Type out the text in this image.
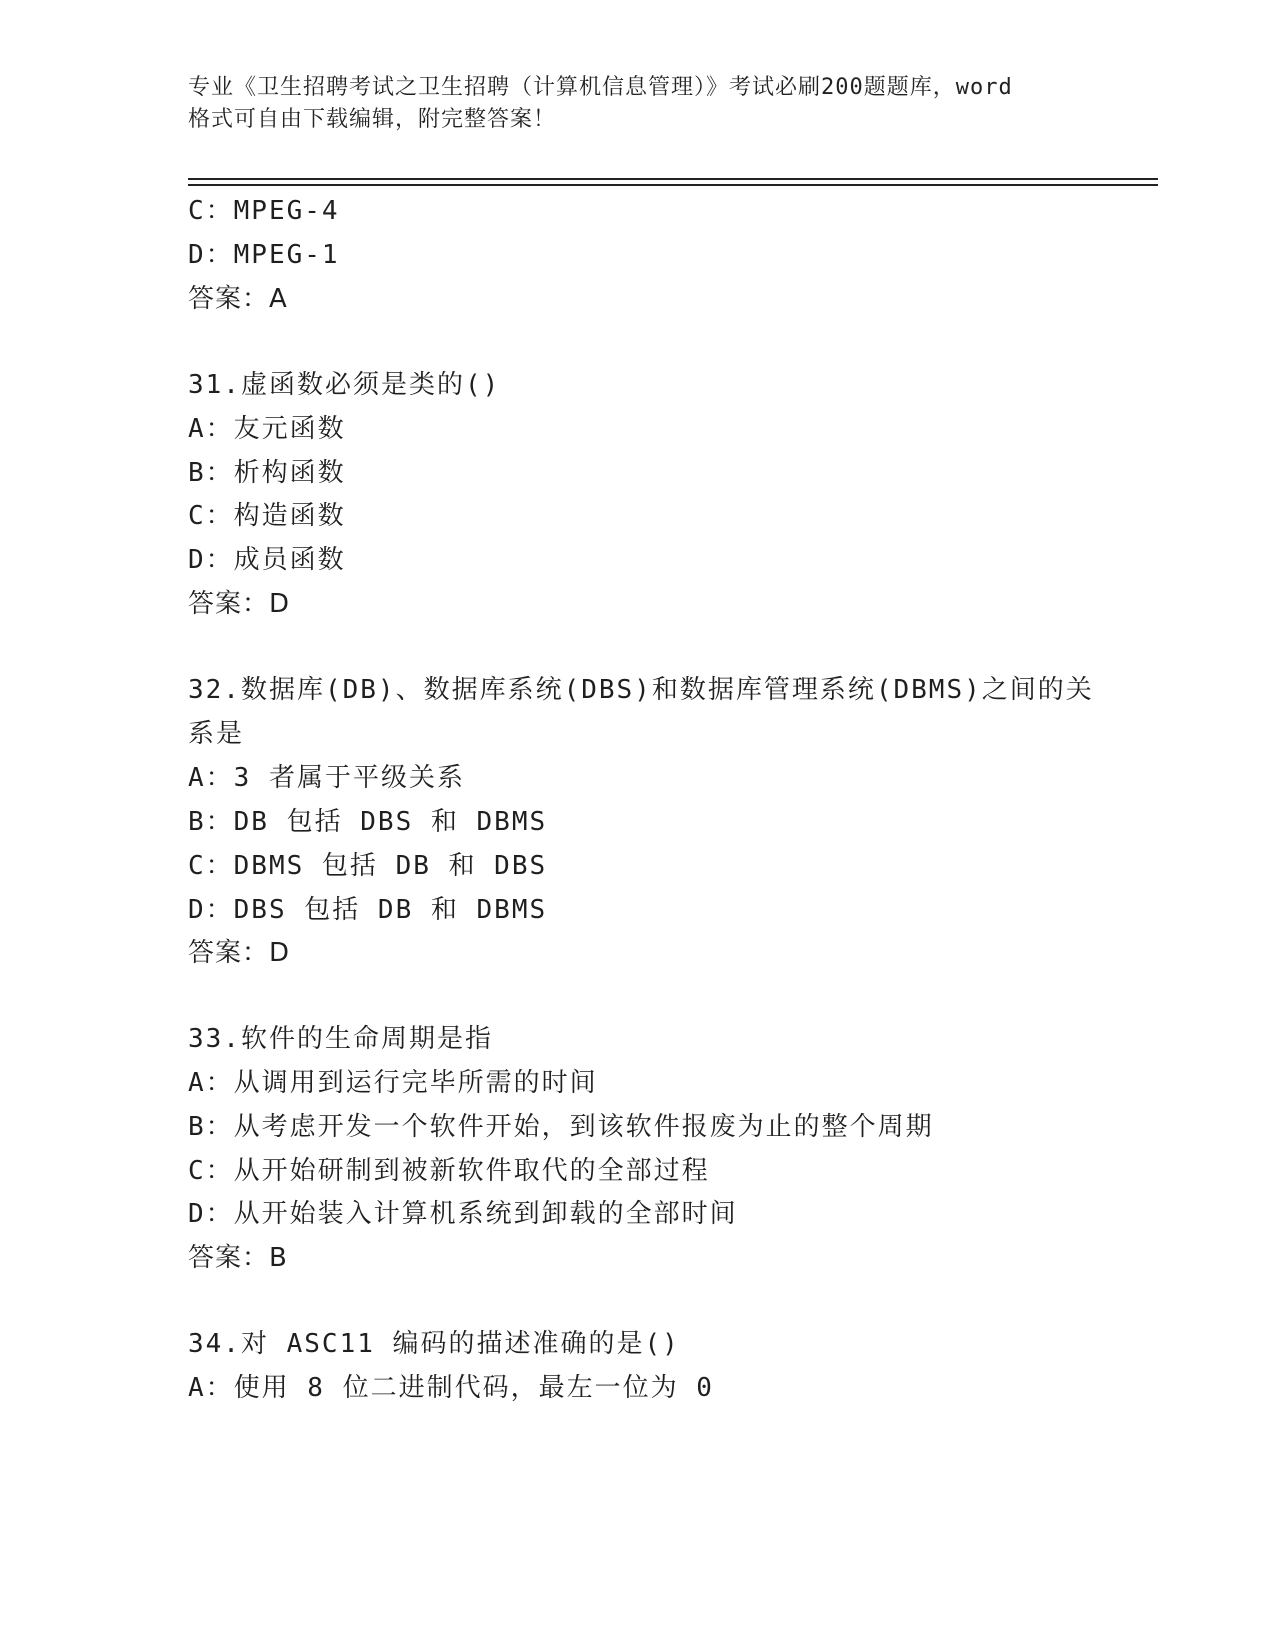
专业《卫生招聘考试之卫生招聘（计算机信息管理）》考试必刷200题题库，word
格式可自由下载编辑，附完整答案！
C：MPEG-4
D：MPEG-1
答案：A
31.虚函数必须是类的()
A：友元函数
B：析构函数
C：构造函数
D：成员函数
答案：D
32.数据库(DB)、数据库系统(DBS)和数据库管理系统(DBMS)之间的关
系是
A：3 者属于平级关系
B：DB 包括 DBS 和 DBMS
C：DBMS 包括 DB 和 DBS
D：DBS 包括 DB 和 DBMS
答案：D
33.软件的生命周期是指
A：从调用到运行完毕所需的时间
B：从考虑开发一个软件开始，到该软件报废为止的整个周期
C：从开始研制到被新软件取代的全部过程
D：从开始装入计算机系统到卸载的全部时间
答案：B
34.对 ASC11 编码的描述准确的是()
A：使用 8 位二进制代码，最左一位为 0
